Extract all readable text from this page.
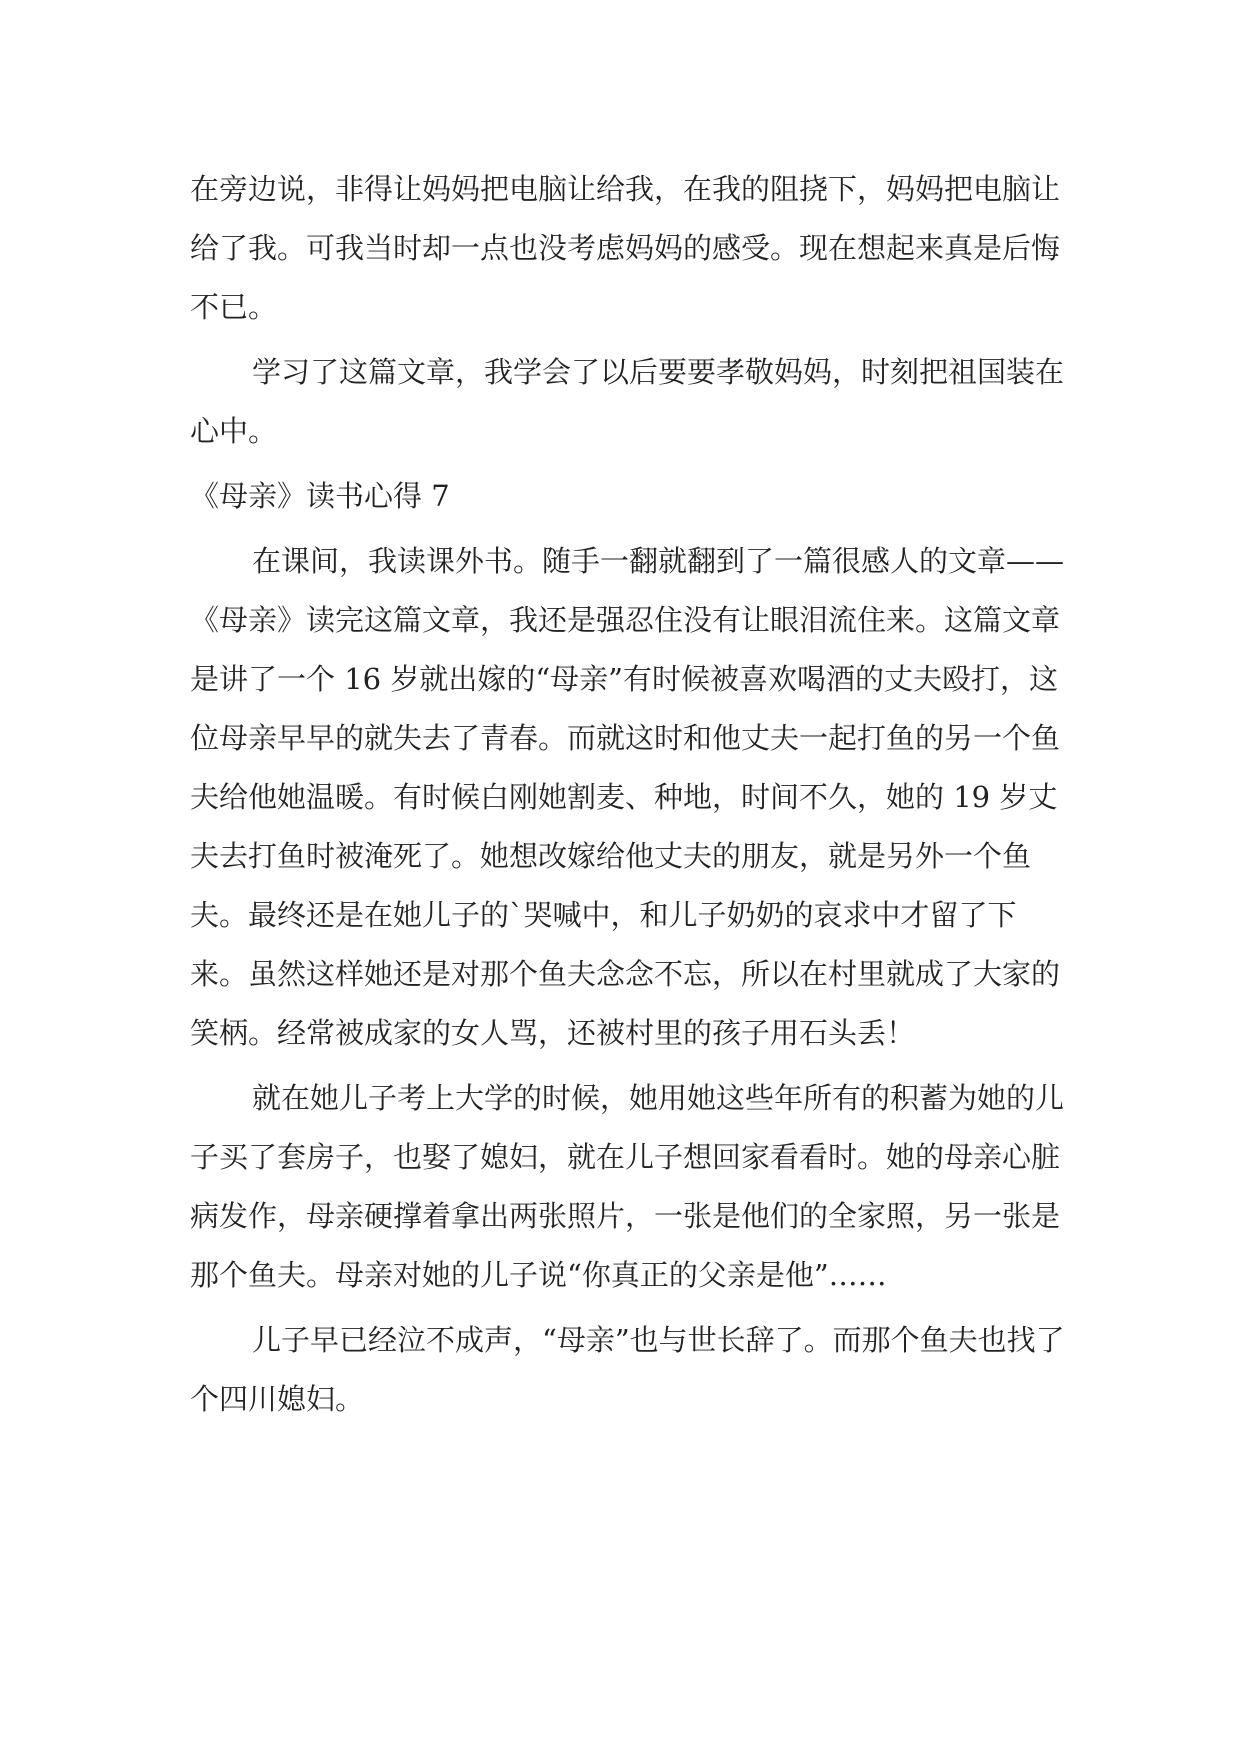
在旁边说，非得让妈妈把电脑让给我，在我的阻挠下，妈妈把电脑让给了我。可我当时却一点也没考虑妈妈的感受。现在想起来真是后悔不已。

学习了这篇文章，我学会了以后要要孝敬妈妈，时刻把祖国装在心中。

《母亲》读书心得 7

在课间，我读课外书。随手一翻就翻到了一篇很感人的文章——《母亲》读完这篇文章，我还是强忍住没有让眼泪流住来。这篇文章是讲了一个 16 岁就出嫁的“母亲”有时候被喜欢喝酒的丈夫殴打，这位母亲早早的就失去了青春。而就这时和他丈夫一起打鱼的另一个鱼夫给他她温暖。有时候白刚她割麦、种地，时间不久，她的 19 岁丈夫去打鱼时被淹死了。她想改嫁给他丈夫的朋友，就是另外一个鱼夫。最终还是在她儿子的`哭喊中，和儿子奶奶的哀求中才留了下来。虽然这样她还是对那个鱼夫念念不忘，所以在村里就成了大家的笑柄。经常被成家的女人骂，还被村里的孩子用石头丢！

就在她儿子考上大学的时候，她用她这些年所有的积蓄为她的儿子买了套房子，也娶了媳妇，就在儿子想回家看看时。她的母亲心脏病发作，母亲硬撑着拿出两张照片，一张是他们的全家照，另一张是那个鱼夫。母亲对她的儿子说“你真正的父亲是他”……

儿子早已经泣不成声，“母亲”也与世长辞了。而那个鱼夫也找了个四川媳妇。
